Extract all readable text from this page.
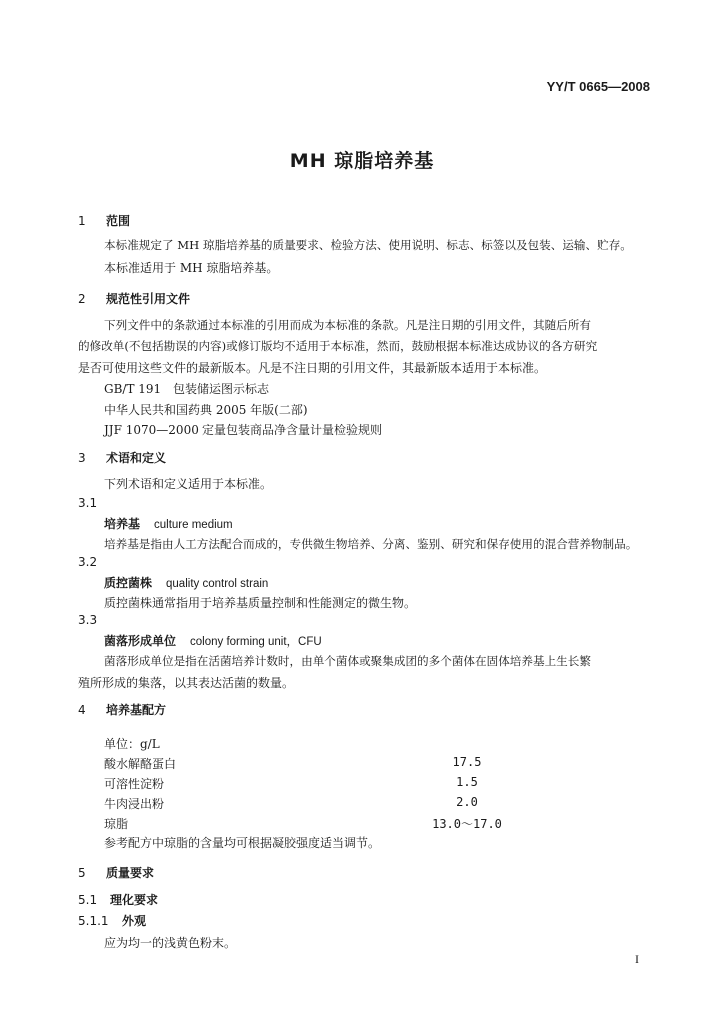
YY/T 0665—2008
MH 琼脂培养基
1 范围
本标准规定了 MH 琼脂培养基的质量要求、检验方法、使用说明、标志、标签以及包装、运输、贮存。
本标准适用于 MH 琼脂培养基。
2 规范性引用文件
下列文件中的条款通过本标准的引用而成为本标准的条款。凡是注日期的引用文件，其随后所有
的修改单(不包括勘误的内容)或修订版均不适用于本标准，然而，鼓励根据本标准达成协议的各方研究
是否可使用这些文件的最新版本。凡是不注日期的引用文件，其最新版本适用于本标准。
GB/T 191 包装储运图示标志
中华人民共和国药典 2005 年版(二部)
JJF 1070—2000 定量包装商品净含量计量检验规则
3 术语和定义
下列术语和定义适用于本标准。
3.1
培养基 culture medium
培养基是指由人工方法配合而成的，专供微生物培养、分离、鉴别、研究和保存使用的混合营养物制品。
3.2
质控菌株 quality control strain
质控菌株通常指用于培养基质量控制和性能测定的微生物。
3.3
菌落形成单位 colony forming unit，CFU
菌落形成单位是指在活菌培养计数时，由单个菌体或聚集成团的多个菌体在固体培养基上生长繁
殖所形成的集落，以其表达活菌的数量。
4 培养基配方
单位：g/L
酸水解酪蛋白	17.5
可溶性淀粉	1.5
牛肉浸出粉	2.0
琼脂	13.0～17.0
参考配方中琼脂的含量均可根据凝胶强度适当调节。
5 质量要求
5.1 理化要求
5.1.1 外观
应为均一的浅黄色粉末。
I
